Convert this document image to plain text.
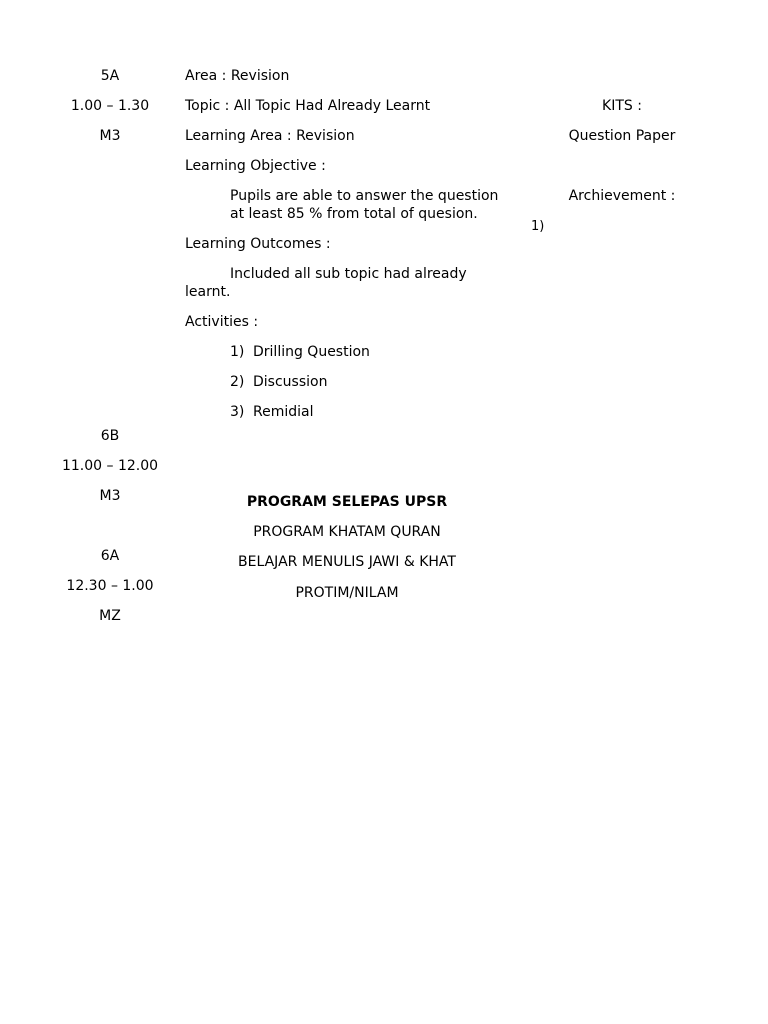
5A
1.00 – 1.30
M3
6B
11.00 – 12.00
M3
6A
12.30 – 1.00
MZ
Area : Revision
Topic : All Topic Had Already Learnt
Learning Area : Revision
Learning Objective :
Pupils are able to answer the question
at least 85 % from total of quesion.
Learning Outcomes :
Included all sub topic had already
learnt.
Activities :
1) Drilling Question
2) Discussion
3) Remidial
KITS :
Question Paper
Archievement :
1)
PROGRAM SELEPAS UPSR
PROGRAM KHATAM QURAN
BELAJAR MENULIS JAWI & KHAT
PROTIM/NILAM
